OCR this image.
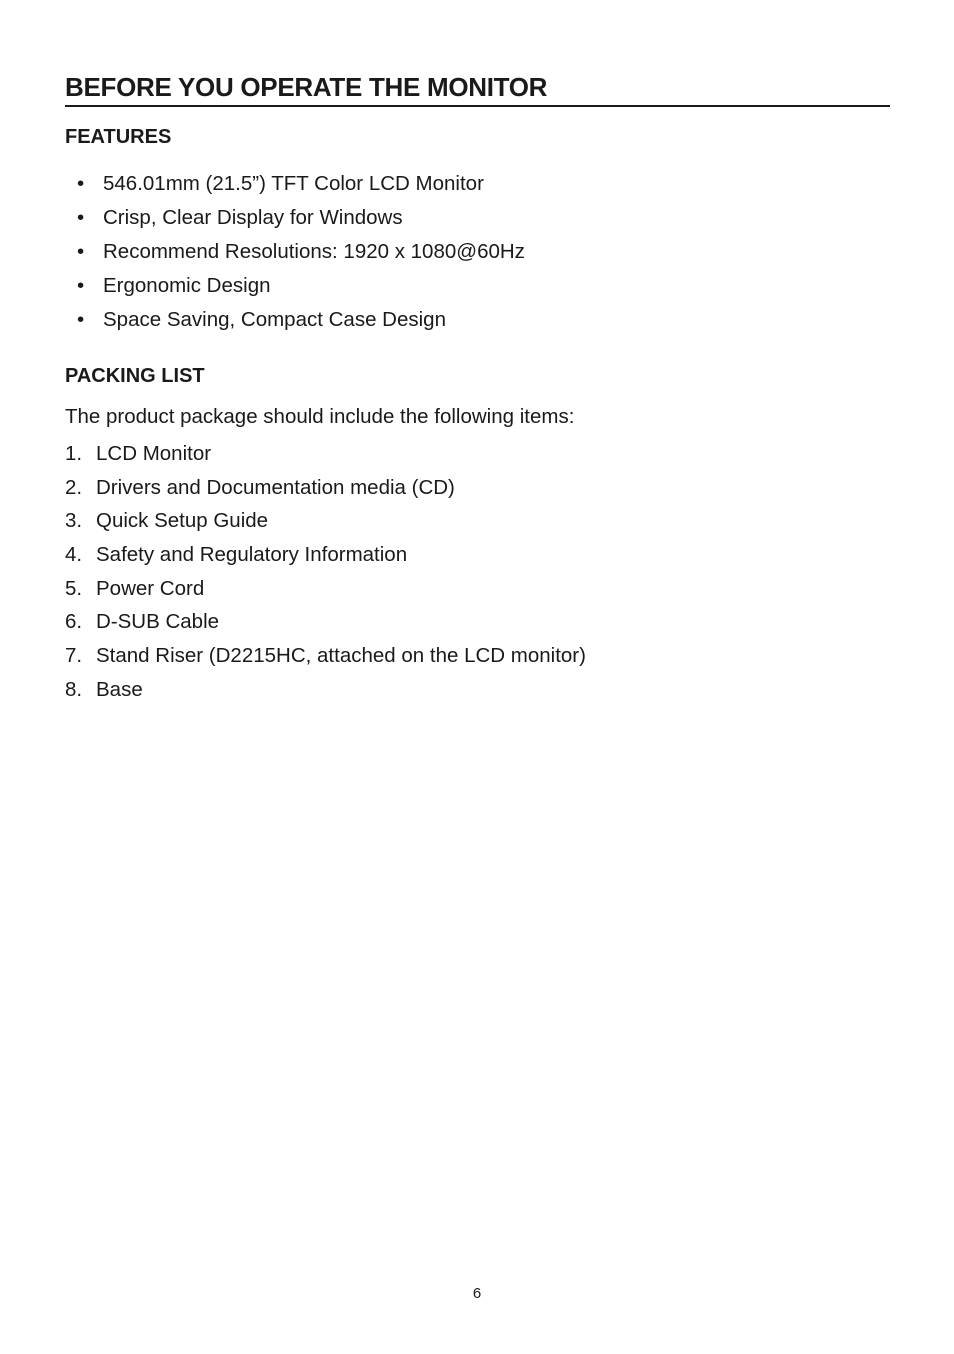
BEFORE YOU OPERATE THE MONITOR
FEATURES
• 546.01mm (21.5”) TFT Color LCD Monitor
• Crisp, Clear Display for Windows
• Recommend Resolutions: 1920 x 1080@60Hz
• Ergonomic Design
• Space Saving, Compact Case Design
PACKING LIST

The product package should include the following items:

1. LCD Monitor
2. Drivers and Documentation media (CD)
3. Quick Setup Guide
4. Safety and Regulatory Information
5. Power Cord
6. D-SUB Cable
7. Stand Riser (D2215HC, attached on the LCD monitor)
8. Base
6
